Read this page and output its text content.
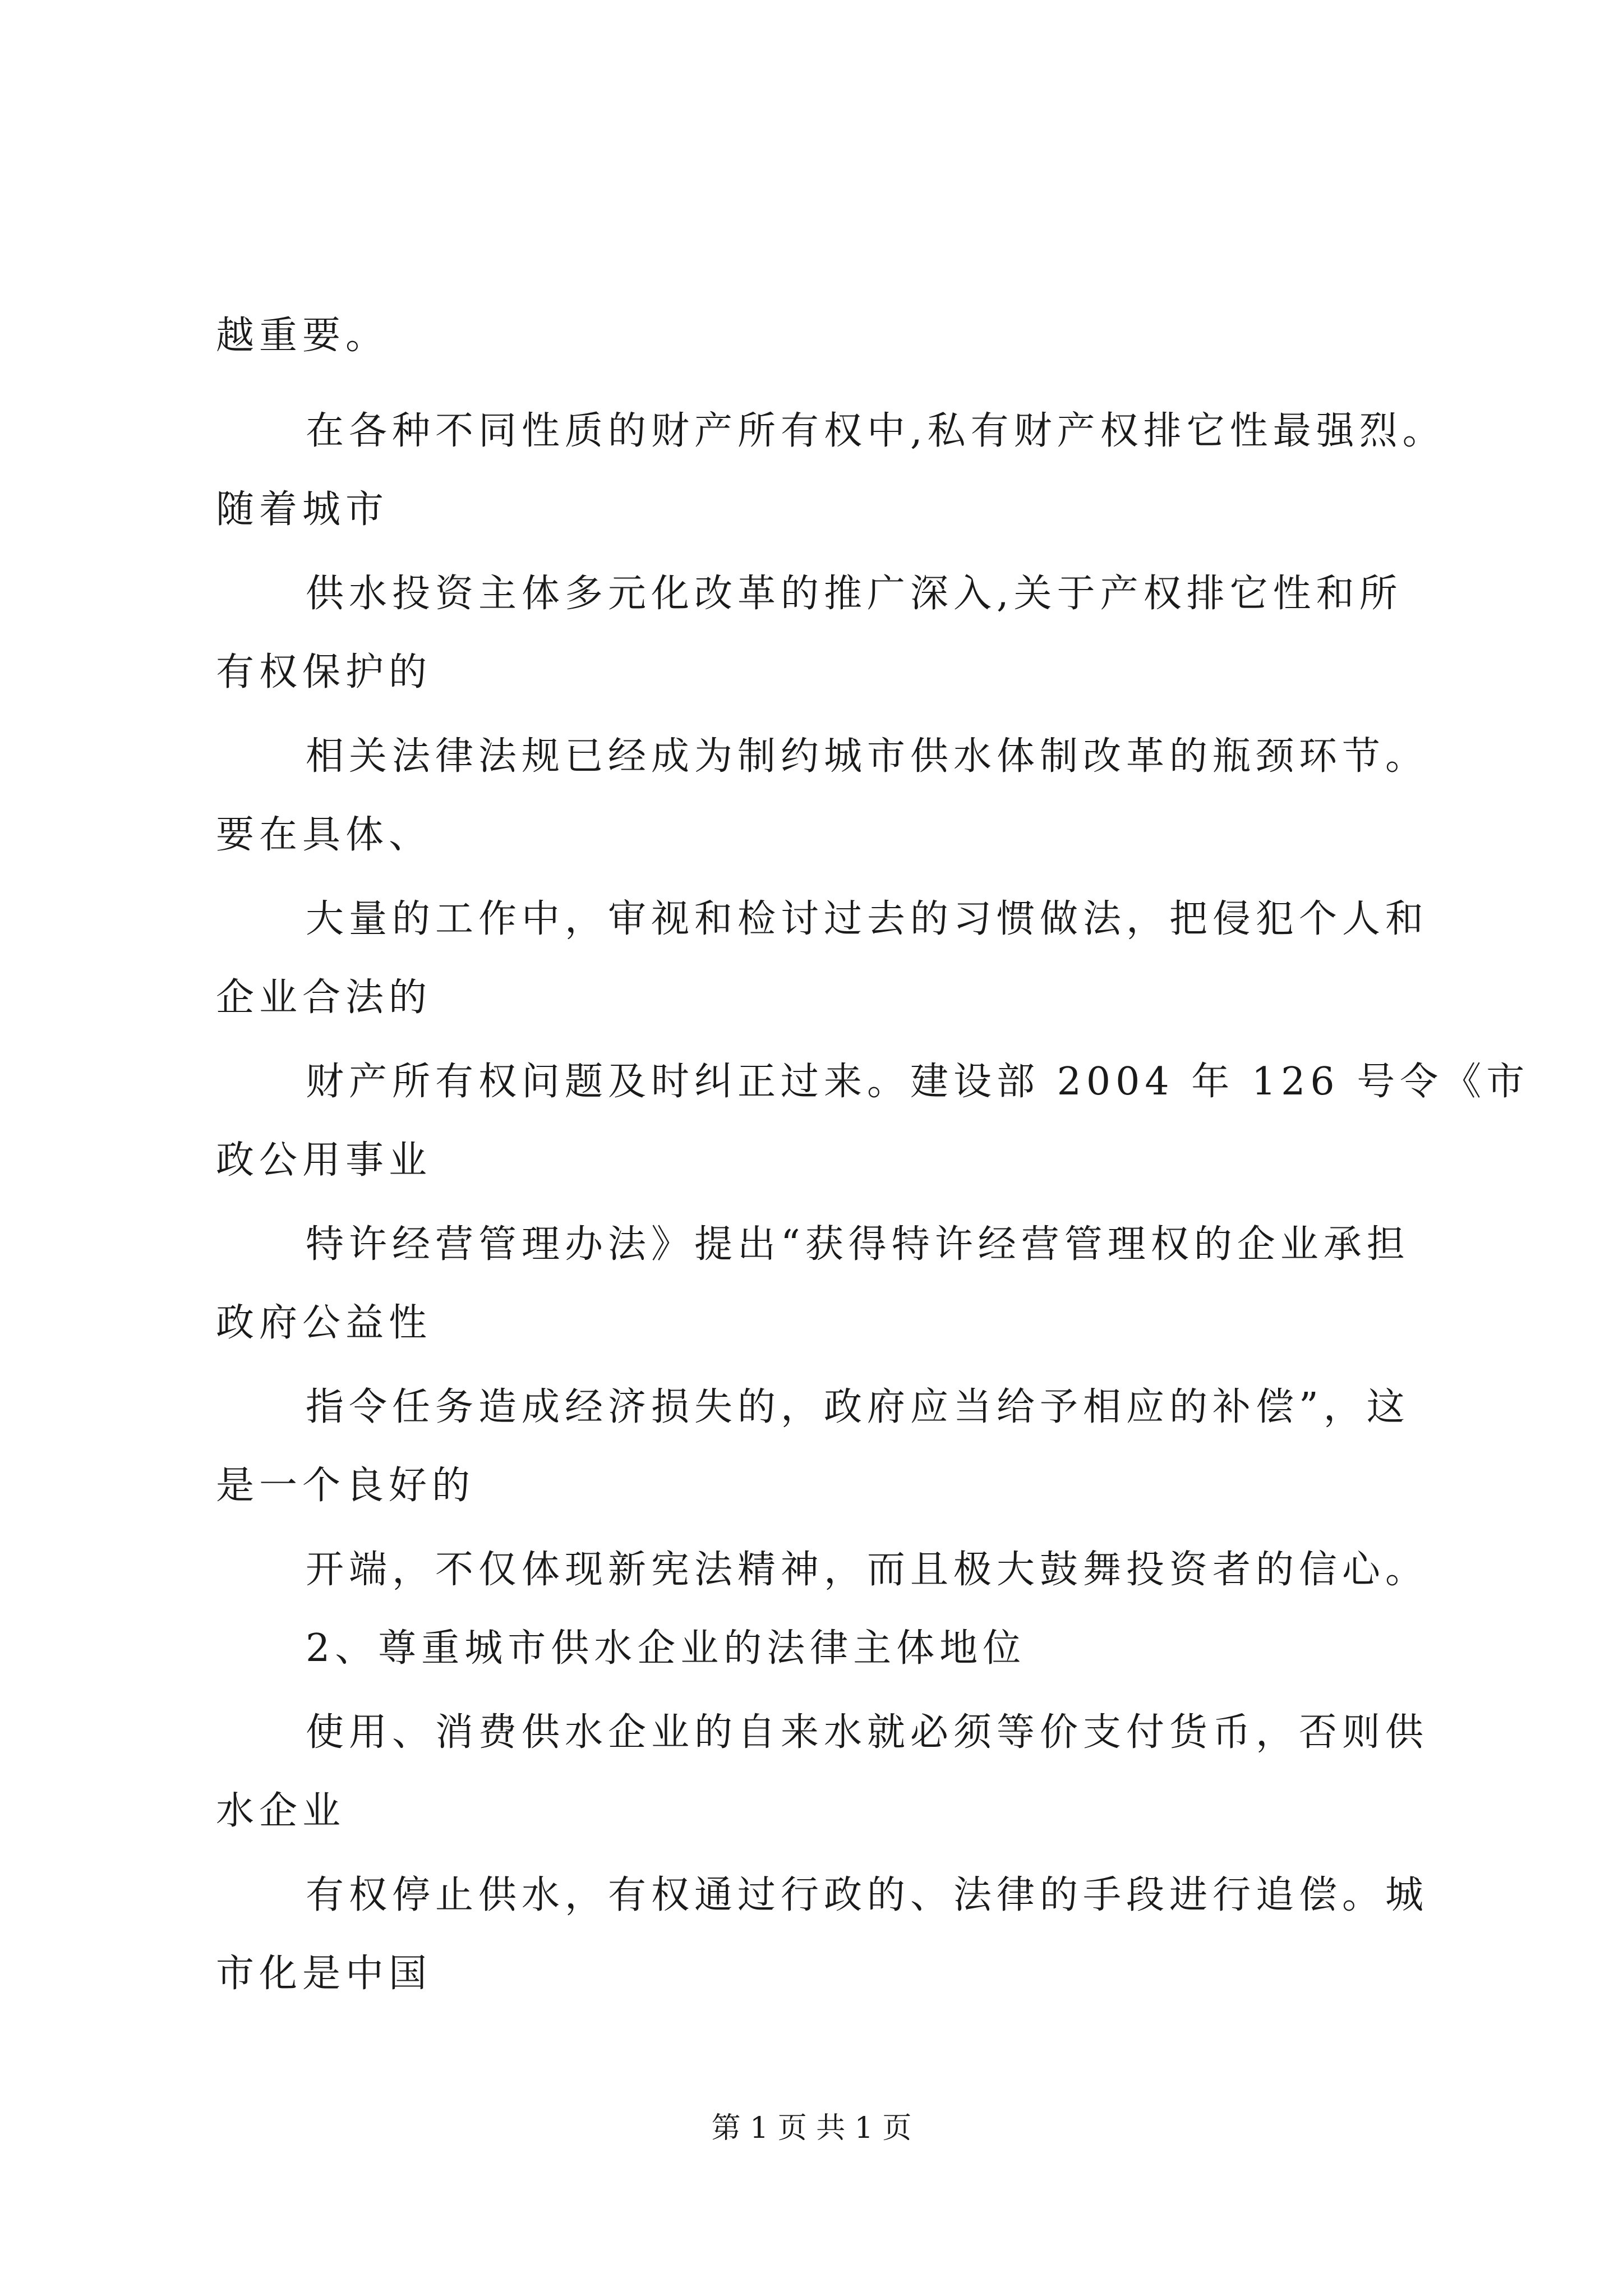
越重要。
在各种不同性质的财产所有权中,私有财产权排它性最强烈。
随着城市
供水投资主体多元化改革的推广深入,关于产权排它性和所
有权保护的
相关法律法规已经成为制约城市供水体制改革的瓶颈环节。
要在具体、
大量的工作中，审视和检讨过去的习惯做法，把侵犯个人和
企业合法的
财产所有权问题及时纠正过来。建设部 2004 年 126 号令《市
政公用事业
特许经营管理办法》提出“获得特许经营管理权的企业承担
政府公益性
指令任务造成经济损失的，政府应当给予相应的补偿”，这
是一个良好的
开端，不仅体现新宪法精神，而且极大鼓舞投资者的信心。
2、尊重城市供水企业的法律主体地位
使用、消费供水企业的自来水就必须等价支付货币，否则供
水企业
有权停止供水，有权通过行政的、法律的手段进行追偿。城
市化是中国
第 1 页 共 1 页
